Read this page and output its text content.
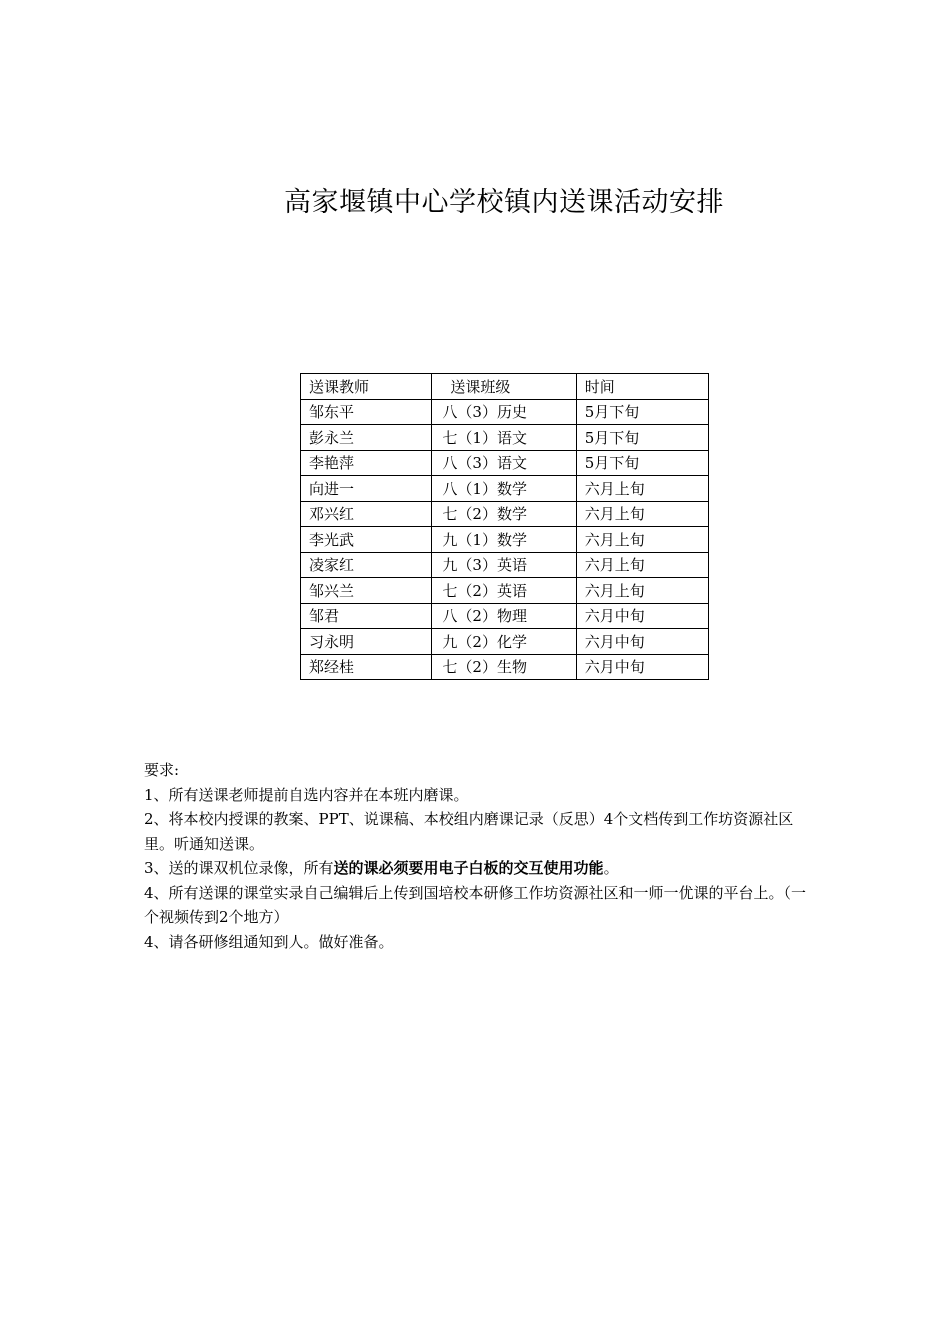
高家堰镇中心学校镇内送课活动安排
送课教师	送课班级	时间
邹东平	八（3）历史	5月下旬
彭永兰	七（1）语文	5月下旬
李艳萍	八（3）语文	5月下旬
向进一	八（1）数学	六月上旬
邓兴红	七（2）数学	六月上旬
李光武	九（1）数学	六月上旬
凌家红	九（3）英语	六月上旬
邹兴兰	七（2）英语	六月上旬
邹君	八（2）物理	六月中旬
习永明	九（2）化学	六月中旬
郑经桂	七（2）生物	六月中旬

要求:

1、所有送课老师提前自选内容并在本班内磨课。

2、将本校内授课的教案、PPT、说课稿、本校组内磨课记录（反思）4个文档传到工作坊资源社区里。听通知送课。

3、送的课双机位录像，所有送的课必须要用电子白板的交互使用功能。

4、所有送课的课堂实录自己编辑后上传到国培校本研修工作坊资源社区和一师一优课的平台上。（一个视频传到2个地方）

4、请各研修组通知到人。做好准备。
